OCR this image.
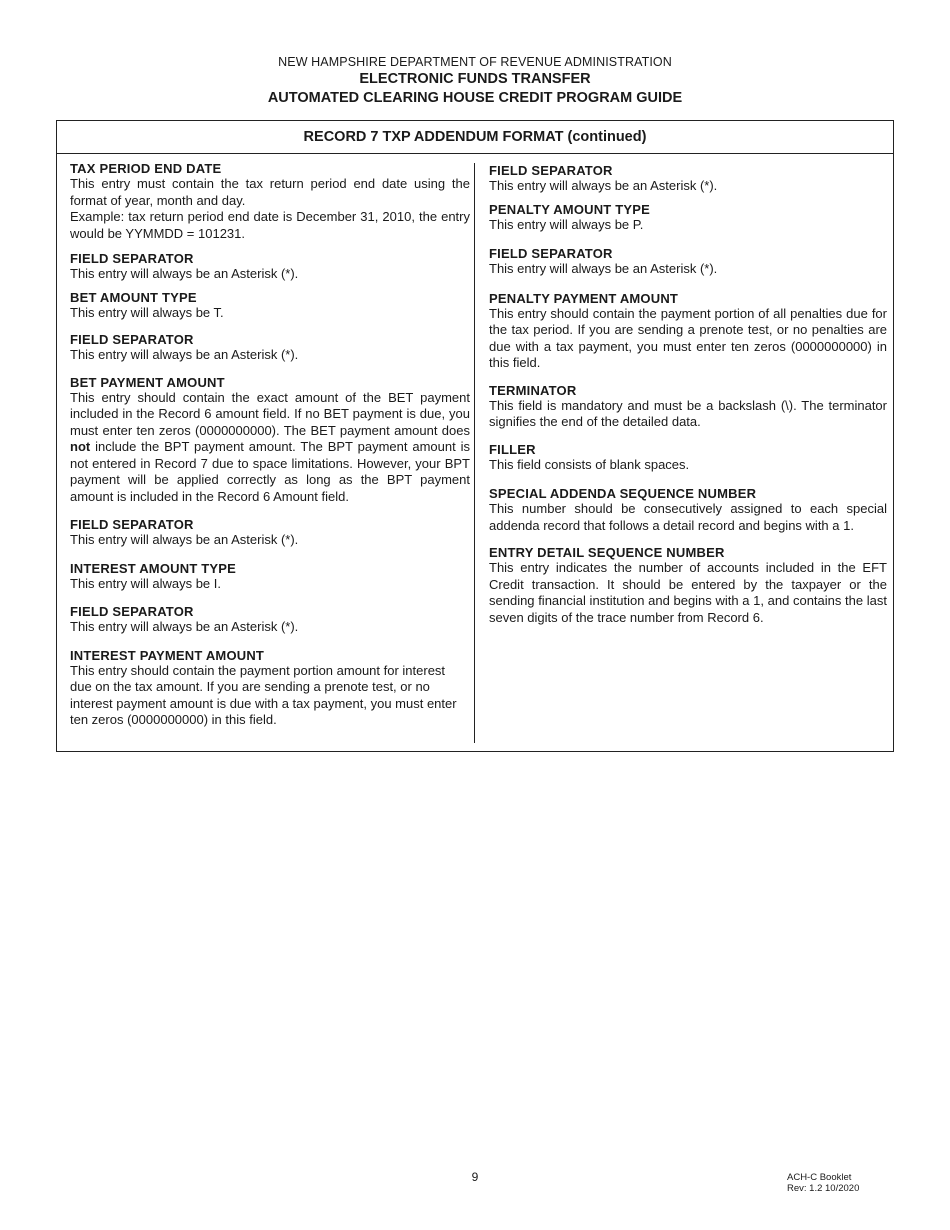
NEW HAMPSHIRE DEPARTMENT OF REVENUE ADMINISTRATION
ELECTRONIC FUNDS TRANSFER
AUTOMATED CLEARING HOUSE CREDIT PROGRAM GUIDE
RECORD 7 TXP ADDENDUM FORMAT (continued)
TAX PERIOD END DATE

This entry must contain the tax return period end date using the format of year, month and day.

Example: tax return period end date is December 31, 2010, the entry would be YYMMDD = 101231.

FIELD SEPARATOR

This entry will always be an Asterisk (*).

BET AMOUNT TYPE

This entry will always be T.

FIELD SEPARATOR

This entry will always be an Asterisk (*).

BET PAYMENT AMOUNT

This entry should contain the exact amount of the BET payment included in the Record 6 amount field. If no BET payment is due, you must enter ten zeros (0000000000). The BET payment amount does not include the BPT payment amount. The BPT payment amount is not entered in Record 7 due to space limitations. However, your BPT payment will be applied correctly as long as the BPT payment amount is included in the Record 6 Amount field.

FIELD SEPARATOR

This entry will always be an Asterisk (*).

INTEREST AMOUNT TYPE

This entry will always be I.

FIELD SEPARATOR

This entry will always be an Asterisk (*).

INTEREST PAYMENT AMOUNT

This entry should contain the payment portion amount for interest due on the tax amount. If you are sending a prenote test, or no interest payment amount is due with a tax payment, you must enter ten zeros (0000000000) in this field.

FIELD SEPARATOR

This entry will always be an Asterisk (*).

PENALTY AMOUNT TYPE

This entry will always be P.

FIELD SEPARATOR

This entry will always be an Asterisk (*).

PENALTY PAYMENT AMOUNT

This entry should contain the payment portion of all penalties due for the tax period. If you are sending a prenote test, or no penalties are due with a tax payment, you must enter ten zeros (0000000000) in this field.

TERMINATOR

This field is mandatory and must be a backslash (\). The terminator signifies the end of the detailed data.

FILLER

This field consists of blank spaces.

SPECIAL ADDENDA SEQUENCE NUMBER

This number should be consecutively assigned to each special addenda record that follows a detail record and begins with a 1.

ENTRY DETAIL SEQUENCE NUMBER

This entry indicates the number of accounts included in the EFT Credit transaction. It should be entered by the taxpayer or the sending financial institution and begins with a 1, and contains the last seven digits of the trace number from Record 6.

9	ACH-C Booklet
Rev: 1.2 10/2020
